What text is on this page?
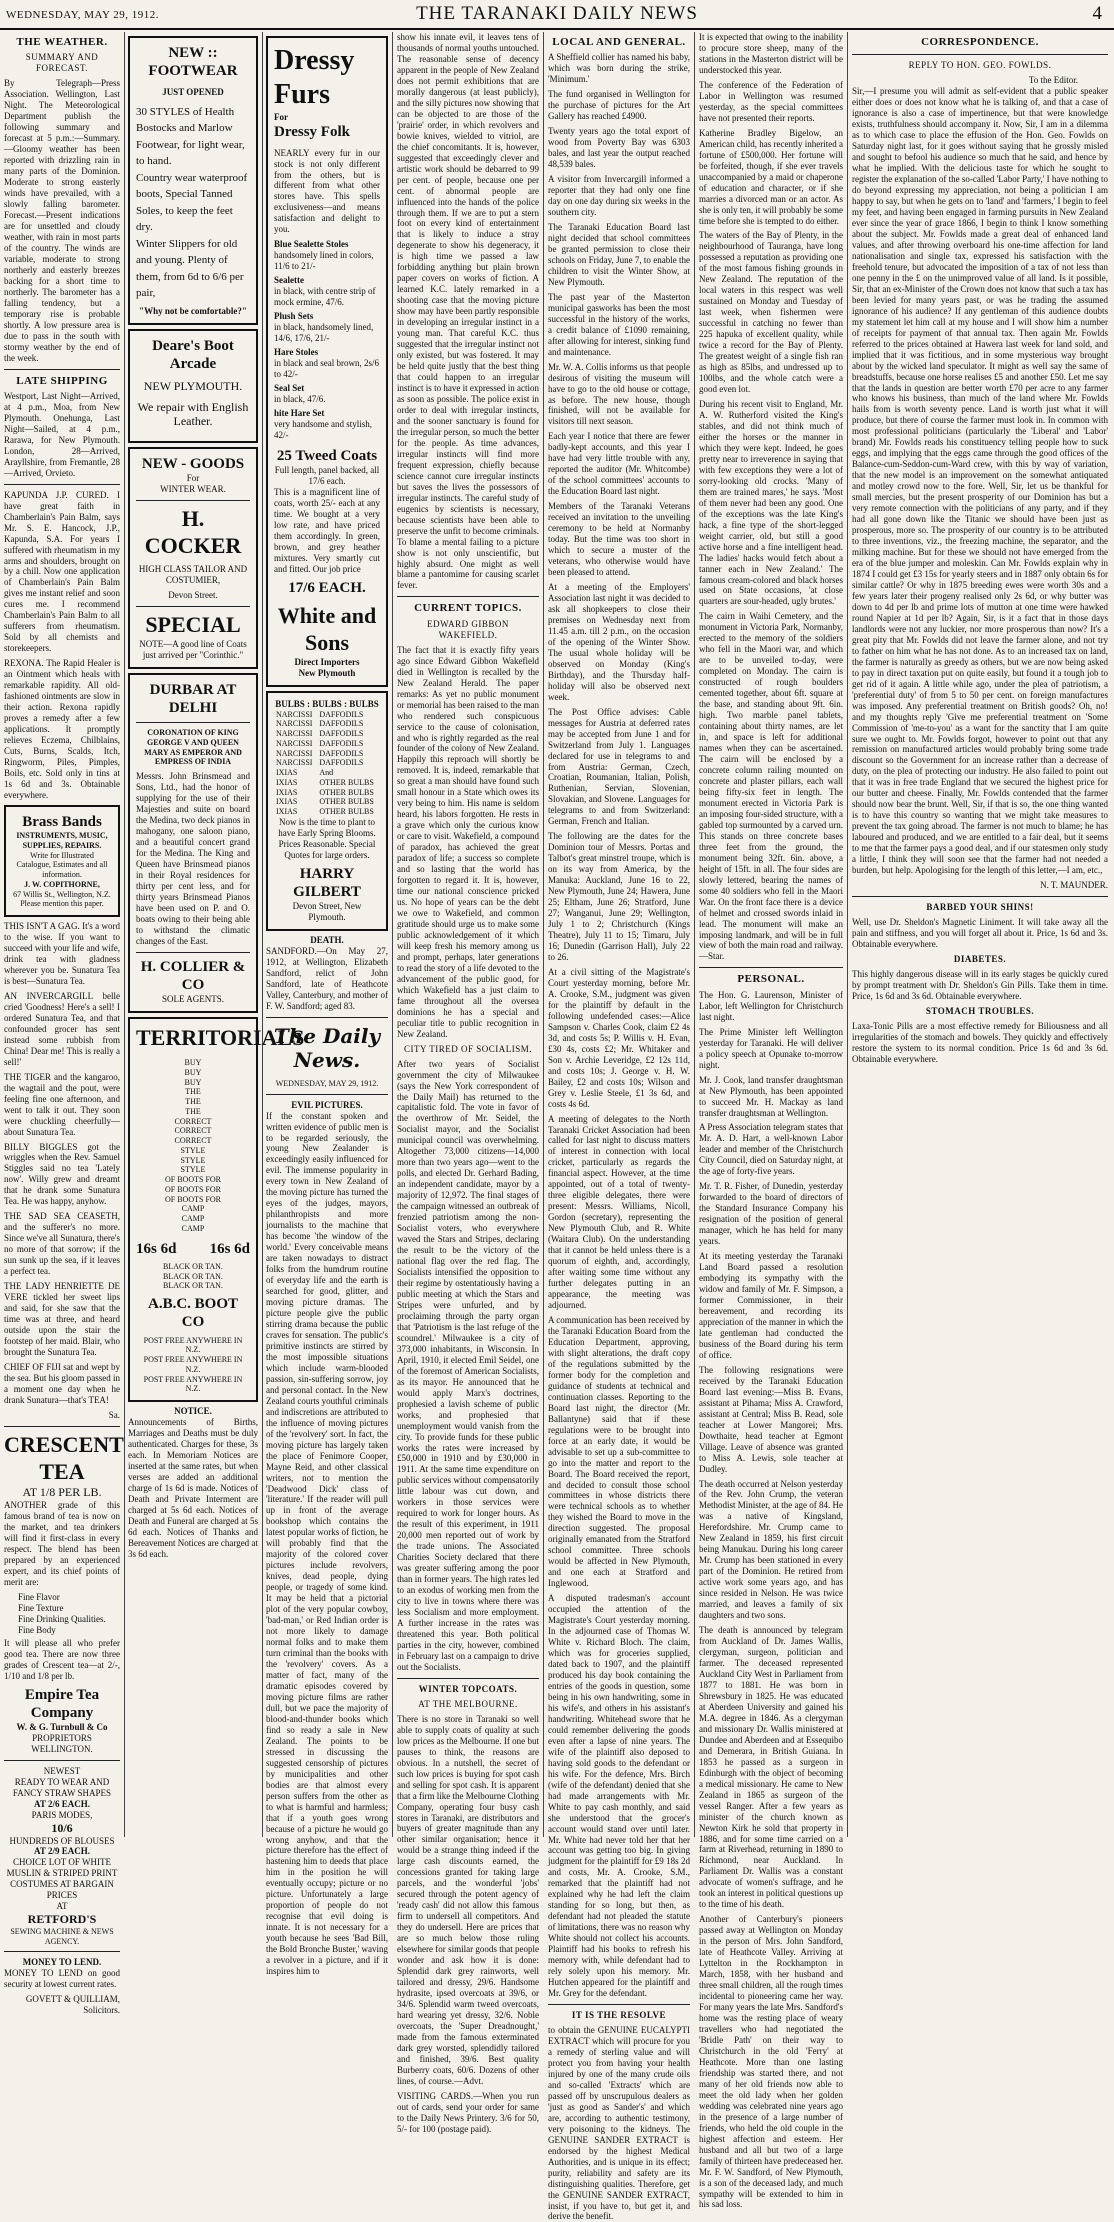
WEDNESDAY, MAY 29, 1912.	THE TARANAKI DAILY NEWS	4
THE WEATHER.
SUMMARY AND FORECAST.

By Telegraph—Press Association. Wellington, Last Night. The Meteorological Department publish the following summary and forecast at 5 p.m.:—Summary.—Gloomy weather has been reported with drizzling rain in many parts of the Dominion. Moderate to strong easterly winds have prevailed, with a slowly falling barometer. Forecast.—Present indications are for unsettled and cloudy weather, with rain in most parts of the country. The winds are variable, moderate to strong northerly and easterly breezes backing for a short time to northerly. The barometer has a falling tendency, but a temporary rise is probable shortly. A low pressure area is due to pass in the south with stormy weather by the end of the week.

LATE SHIPPING

Westport, Last Night—Arrived, at 4 p.m., Moa, from New Plymouth. Onehunga, Last Night—Sailed, at 4 p.m., Rarawa, for New Plymouth. London, 28—Arrived, Arayllshire, from Fremantle, 28—Arrived, Orvieto.

KAPUNDA J.P. CURED. I have great faith in Chamberlain's Pain Balm, says Mr. S. E. Hancock, J.P., Kapunda, S.A. For years I suffered with rheumatism in my arms and shoulders, brought on by a chill. Now one application of Chamberlain's Pain Balm gives me instant relief and soon cures me. I recommend Chamberlain's Pain Balm to all sufferers from rheumatism. Sold by all chemists and storekeepers.

REXONA. The Rapid Healer is an Ointment which heals with remarkable rapidity. All old-fashioned ointments are slow in their action. Rexona rapidly proves a remedy after a few applications. It promptly relieves Eczema, Chilblains, Cuts, Burns, Scalds, Itch, Ringworm, Piles, Pimples, Boils, etc. Sold only in tins at 1s 6d and 3s. Obtainable everywhere.

Brass Bands
INSTRUMENTS, MUSIC, SUPPLIES, REPAIRS.
Write for Illustrated Catalogue, Estimates and all information.
J. W. COPITHORNE,
67 Willis St., Wellington, N.Z.
Please mention this paper.

THIS ISN'T A GAG. It's a word to the wise. If you want to succeed with your life and wife, drink tea with gladness wherever you be. Sunatura Tea is best—Sunatura Tea.

AN INVERCARGILL belle cried 'Goodness! Here's a sell! I ordered Sunatura Tea, and that confounded grocer has sent instead some rubbish from China! Dear me! This is really a sell!'

THE TIGER and the kangaroo, the wagtail and the pout, were feeling fine one afternoon, and went to talk it out. They soon were chuckling cheerfully—about Sunatura Tea.

BILLY BIGGLES got the wriggles when the Rev. Samuel Stiggles said no tea 'Lately now'. Willy grew and dreamt that he drank some Sunatura Tea. He was happy, anyhow.

THE SAD SEA CEASETH, and the sufferer's no more. Since we've all Sunatura, there's no more of that sorrow; if the sun sunk up the sea, if it leaves a perfect tea.

THE LADY HENRIETTE DE VERE tickled her sweet lips and said, for she saw that the time was at three, and heard outside upon the stair the footstep of her maid. Blair, who brought the Sunatura Tea.

CHIEF OF FIJI sat and wept by the sea. But his gloom passed in a moment one day when he drank Sunatura—that's TEA!

Sa.
CRESCENT TEA
AT 1/8 PER LB.

ANOTHER grade of this famous brand of tea is now on the market, and tea drinkers will find it first-class in every respect. The blend has been prepared by an experienced expert, and its chief points of merit are:

Fine Flavor
Fine Texture
Fine Drinking Qualities.
Fine Body

It will please all who prefer good tea. There are now three grades of Crescent tea—at 2/-, 1/10 and 1/8 per lb.

Empire Tea Company
W. & G. Turnbull & Co
PROPRIETORS
WELLINGTON.
NEWEST
READY TO WEAR AND
FANCY STRAW SHAPES
AT 2/6 EACH.
PARIS MODES,
10/6
HUNDREDS OF BLOUSES
AT 2/9 EACH.
CHOICE LOT OF WHITE
MUSLIN & STRIPED PRINT
COSTUMES AT BARGAIN
PRICES
AT
RETFORD'S
SEWING MACHINE & NEWS AGENCY.
MONEY TO LEND.

MONEY TO LEND on good security at lowest current rates.

GOVETT & QUILLIAM, Solicitors.
NEW :: FOOTWEAR
JUST OPENED
30 STYLES of Health
Bostocks and Marlow
Footwear, for light wear,
to hand.
Country wear waterproof
boots, Special Tanned
Soles, to keep the feet
dry.
Winter Slippers for old
and young. Plenty of
them, from 6d to 6/6 per
pair,
"Why not be comfortable?"
Deare's Boot Arcade
NEW PLYMOUTH.
We repair with English Leather.
NEW - GOODS
For
WINTER WEAR.
H. COCKER
HIGH CLASS TAILOR AND COSTUMIER,
Devon Street.
SPECIAL
NOTE—A good line of Coats just arrived per "Corinthic."
DURBAR AT DELHI
CORONATION OF KING GEORGE V AND QUEEN MARY AS EMPEROR AND EMPRESS OF INDIA

Messrs. John Brinsmead and Sons, Ltd., had the honor of supplying for the use of their Majesties and suite on board the Medina, two deck pianos in mahogany, one saloon piano, and a beautiful concert grand for the Medina. The King and Queen have Brinsmead pianos in their Royal residences for thirty per cent less, and for thirty years Brinsmead Pianos have been used on P. and O. boats owing to their being able to withstand the climatic changes of the East.

H. COLLIER & CO
SOLE AGENTS.
TERRITORIALS
BUY
BUY
BUY
THE
THE
THE
CORRECT
CORRECT
CORRECT
STYLE
STYLE
STYLE
OF BOOTS FOR
OF BOOTS FOR
OF BOOTS FOR
CAMP
CAMP
CAMP
16s 6d 16s 6d
BLACK OR TAN.
BLACK OR TAN.
BLACK OR TAN.
A.B.C. BOOT CO
POST FREE ANYWHERE IN N.Z.
POST FREE ANYWHERE IN N.Z.
POST FREE ANYWHERE IN N.Z.
NOTICE.

Announcements of Births, Marriages and Deaths must be duly authenticated. Charges for these, 3s each. In Memoriam Notices are inserted at the same rates, but when verses are added an additional charge of 1s 6d is made. Notices of Death and Private Interment are charged at 5s 6d each. Notices of Death and Funeral are charged at 5s 6d each. Notices of Thanks and Bereavement Notices are charged at 3s 6d each.

Dressy
Furs
For
Dressy Folk

NEARLY every fur in our stock is not only different from the others, but is different from what other stores have. This spells exclusiveness—and means satisfaction and delight to you.

Blue Sealette Stoles
handsomely lined in colors, 11/6 to 21/-
Sealette
in black, with centre strip of mock ermine, 47/6.
Plush Sets
in black, handsomely lined, 14/6, 17/6, 21/-
Hare Stoles
in black and seal brown, 2s/6 to 42/-
Seal Set
in black, 47/6.
hite Hare Set
very handsome and stylish, 42/-
25 Tweed Coats
Full length, panel backed, all 17/6 each.

This is a magnificent line of coats, worth 25/- each at any time. We bought at a very low rate, and have priced them accordingly. In green, brown, and grey heather mixtures. Very smartly cut and fitted. Our job price

17/6 EACH.
White and Sons
Direct Importers
New Plymouth
BULBS : BULBS : BULBS
NARCISSI	DAFFODILS
NARCISSI	DAFFODILS
NARCISSI	DAFFODILS
NARCISSI	DAFFODILS
NARCISSI	DAFFODILS
NARCISSI	DAFFODILS
IXIAS	And
IXIAS	OTHER BULBS
IXIAS	OTHER BULBS
IXIAS	OTHER BULBS
IXIAS	OTHER BULBS

Now is the time to plant to have Early Spring Blooms. Prices Reasonable. Special Quotes for large orders.

HARRY GILBERT
Devon Street, New Plymouth.
DEATH.

SANDFORD.—On May 27, 1912, at Wellington, Elizabeth Sandford, relict of John Sandford, late of Heathcote Valley, Canterbury, and mother of F. W. Sandford; aged 83.

The Daily News.
WEDNESDAY, MAY 29, 1912.
EVIL PICTURES.

If the constant spoken and written evidence of public men is to be regarded seriously, the young New Zealander is exceedingly easily influenced for evil. The immense popularity in every town in New Zealand of the moving picture has turned the eyes of the judges, mayors, philanthropists and more journalists to the machine that has become 'the window of the world.' Every conceivable means are taken nowadays to distract folks from the humdrum routine of everyday life and the earth is searched for good, glitter, and moving picture dramas. The picture people give the public stirring drama because the public craves for sensation. The public's primitive instincts are stirred by the most impossible situations which include warm-blooded passion, sin-suffering sorrow, joy and personal contact. In the New Zealand courts youthful criminals and indiscretions are attributed to the influence of moving pictures of the 'revolvery' sort. In fact, the moving picture has largely taken the place of Fenimore Cooper, Mayne Reid, and other classical writers, not to mention the 'Deadwood Dick' class of 'literature.' If the reader will pull up in front of the average bookshop which contains the latest popular works of fiction, he will probably find that the majority of the colored cover pictures include revolvers, knives, dead people, dying people, or tragedy of some kind. It may be held that a pictorial plot of the very popular cowboy, 'bad-man,' or Red Indian order is not more likely to damage normal folks and to make them turn criminal than the books with the 'revolvery' covers. As a matter of fact, many of the dramatic episodes covered by moving picture films are rather dull, but we pace the majority of blood-and-thunder books which find so ready a sale in New Zealand. The points to be stressed in discussing the suggested censorship of pictures by municipalities and other bodies are that almost every person suffers from the other as to what is harmful and harmless; that if a youth goes wrong because of a picture he would go wrong anyhow, and that the picture therefore has the effect of hastening him to deeds that place him in the position he will eventually occupy; picture or no picture. Unfortunately a large proportion of people do not recognise that evil doing is innate. It is not necessary for a youth because he sees 'Bad Bill, the Bold Bronche Buster,' waving a revolver in a picture, and if it inspires him to

show his innate evil, it leaves tens of thousands of normal youths untouched. The reasonable sense of decency apparent in the people of New Zealand does not permit exhibitions that are morally dangerous (at least publicly), and the silly pictures now showing that can be objected to are those of the 'prairie' order, in which revolvers and bowie knives, wielded to vitriol, are the chief concomitants. It is, however, suggested that exceedingly clever and artistic work should be debarred to 99 per cent. of people, because one per cent. of abnormal people are influenced into the hands of the police through them. If we are to put a stern foot on every kind of entertainment that is likely to induce a stray degenerate to show his degeneracy, it is high time we passed a law forbidding anything but plain brown paper covers on works of fiction. A learned K.C. lately remarked in a shooting case that the moving picture show may have been partly responsible in developing an irregular instinct in a young man. That careful K.C. thus suggested that the irregular instinct not only existed, but was fostered. It may be held quite justly that the best thing that could happen to an irregular instinct is to have it expressed in action as soon as possible. The police exist in order to deal with irregular instincts, and the sooner sanctuary is found for the irregular person, so much the better for the people. As time advances, irregular instincts will find more frequent expression, chiefly because science cannot cure irregular instincts but saves the lives the possessors of irregular instincts. The careful study of eugenics by scientists is necessary, because scientists have been able to preserve the unfit to become criminals. To blame a mental failing to a picture show is not only unscientific, but highly absurd. One might as well blame a pantomime for causing scarlet fever.

CURRENT TOPICS.
EDWARD GIBBON WAKEFIELD.

The fact that it is exactly fifty years ago since Edward Gibbon Wakefield died in Wellington is recalled by the New Zealand Herald. The paper remarks: As yet no public monument or memorial has been raised to the man who rendered such conspicuous service to the cause of colonisation, and who is rightly regarded as the real founder of the colony of New Zealand. Happily this reproach will shortly be removed. It is, indeed, remarkable that so great a man should have found such small honour in a State which owes its very being to him. His name is seldom heard, his labors forgotten. He rests in a grave which only the curious know or care to visit. Wakefield, a compound of paradox, has achieved the great paradox of life; a success so complete and so lasting that the world has forgotten to regard it. It is, however, time our national conscience pricked us. No hope of years can be the debt we owe to Wakefield, and common gratitude should urge us to make some public acknowledgement of it which will keep fresh his memory among us and prompt, perhaps, later generations to read the story of a life devoted to the advancement of the public good, for which Wakefield has a just claim to fame throughout all the oversea dominions he has a special and peculiar title to public recognition in New Zealand.

CITY TIRED OF SOCIALISM.

After two years of Socialist government the city of Milwaukee (says the New York correspondent of the Daily Mail) has returned to the capitalistic fold. The vote in favor of the overthrow of Mr. Seidel, the Socialist mayor, and the Socialist municipal council was overwhelming. Altogether 73,000 citizens—14,000 more than two years ago—went to the polls, and elected Dr. Gerhard Bading, an independent candidate, mayor by a majority of 12,972. The final stages of the campaign witnessed an outbreak of frenzied patriotism among the non-Socialist voters, who everywhere waved the Stars and Stripes, declaring the result to be the victory of the national flag over the red flag. The Socialists intensified the opposition to their regime by ostentatiously having a public meeting at which the Stars and Stripes were unfurled, and by proclaiming through the party organ that 'Patriotism is the last refuge of the scoundrel.' Milwaukee is a city of 373,000 inhabitants, in Wisconsin. In April, 1910, it elected Emil Seidel, one of the foremost of American Socialists, as its mayor. He announced that he would apply Marx's doctrines, prophesied a lavish scheme of public works, and prophesied that unemployment would vanish from the city. To provide funds for these public works the rates were increased by £50,000 in 1910 and by £30,000 in 1911. At the same time expenditure on public services without compensatorily little labour was cut down, and workers in those services were required to work for longer hours. As the result of this experiment, in 1911 20,000 men reported out of work by the trade unions. The Associated Charities Society declared that there was greater suffering among the poor than in former years. The high rates led to an exodus of working men from the city to live in towns where there was less Socialism and more employment. A further increase in the rates was threatened this year. Both political parties in the city, however, combined in February last on a campaign to drive out the Socialists.

WINTER TOPCOATS.
AT THE MELBOURNE.

There is no store in Taranaki so well able to supply coats of quality at such low prices as the Melbourne. If one but pauses to think, the reasons are obvious. In a nutshell, the secret of such low prices is buying for spot cash and selling for spot cash. It is apparent that a firm like the Melbourne Clothing Company, operating four busy cash stores in Taranaki, are distributors and buyers of greater magnitude than any other similar organisation; hence it would be a strange thing indeed if the large cash discounts earned, the concessions granted for taking large parcels, and the wonderful 'jobs' secured through the potent agency of 'ready cash' did not allow this famous firm to undersell all competitors. And they do undersell. Here are prices that are so much below those ruling elsewhere for similar goods that people wonder and ask how it is done: Splendid dark grey rainworts, well tailored and dressy, 29/6. Handsome hydrasite, ipsed overcoats at 39/6, or 34/6. Splendid warm tweed overcoats, hard wearing yet dressy, 32/6. Noble overcoats, the 'Super Dreadnought,' made from the famous exterminated dark grey worsted, splendidly tailored and finished, 39/6. Best quality Burberry coats, 60/6. Dozens of other lines, of course.—Advt.

VISITING CARDS.—When you run out of cards, send your order for same to the Daily News Printery. 3/6 for 50, 5/- for 100 (postage paid).

LOCAL AND GENERAL.

A Sheffield collier has named his baby, which was born during the strike, 'Minimum.'

The fund organised in Wellington for the purchase of pictures for the Art Gallery has reached £4900.

Twenty years ago the total export of wood from Poverty Bay was 6303 bales, and last year the output reached 48,539 bales.

A visitor from Invercargill informed a reporter that they had only one fine day on one day during six weeks in the southern city.

The Taranaki Education Board last night decided that school committees be granted permission to close their schools on Friday, June 7, to enable the children to visit the Winter Show, at New Plymouth.

The past year of the Masterton municipal gasworks has been the most successful in the history of the works, a credit balance of £1090 remaining, after allowing for interest, sinking fund and maintenance.

Mr. W. A. Collis informs us that people desirous of visiting the museum will have to go to the old house or cottage, as before. The new house, though finished, will not be available for visitors till next season.

Each year I notice that there are fewer badly-kept accounts, and this year I have had very little trouble with any, reported the auditor (Mr. Whitcombe) of the school committees' accounts to the Education Board last night.

Members of the Taranaki Veterans received an invitation to the unveiling ceremony to be held at Normanby today. But the time was too short in which to secure a muster of the veterans, who otherwise would have been pleased to attend.

At a meeting of the Employers' Association last night it was decided to ask all shopkeepers to close their premises on Wednesday next from 11.45 a.m. till 2 p.m., on the occasion of the opening of the Winter Show. The usual whole holiday will be observed on Monday (King's Birthday), and the Thursday half-holiday will also be observed next week.

The Post Office advises: Cable messages for Austria at deferred rates may be accepted from June 1 and for Switzerland from July 1. Languages declared for use in telegrams to and from Austria: German, Czech, Croatian, Roumanian, Italian, Polish, Ruthenian, Servian, Slovenian, Slovakian, and Slovene. Languages for telegrams to and from Switzerland: German, French and Italian.

The following are the dates for the Dominion tour of Messrs. Portas and Talbot's great minstrel troupe, which is on its way from America, by the Manuka: Auckland, June 16 to 22, New Plymouth, June 24; Hawera, June 25; Eltham, June 26; Stratford, June 27; Wanganui, June 29; Wellington, July 1 to 2; Christchurch (Kings Theatre), July 11 to 15; Timaru, July 16; Dunedin (Garrison Hall), July 22 to 26.

At a civil sitting of the Magistrate's Court yesterday morning, before Mr. A. Crooke, S.M., judgment was given for the plaintiff by default in the following undefended cases:—Alice Sampson v. Charles Cook, claim £2 4s 3d, and costs 5s; P. Willis v. H. Evan, £30 4s, costs £2; Mr. Whitaker and Son v. Archie Leveridge, £2 12s 11d, and costs 10s; J. George v. H. W. Bailey, £2 and costs 10s; Wilson and Grey v. Leslie Steele, £1 3s 6d, and costs 4s 6d.

A meeting of delegates to the North Taranaki Cricket Association had been called for last night to discuss matters of interest in connection with local cricket, particularly as regards the financial aspect. However, at the time appointed, out of a total of twenty-three eligible delegates, there were present: Messrs. Williams, Nicoll, Gordon (secretary), representing the New Plymouth Club, and R. White (Waitara Club). On the understanding that it cannot be held unless there is a quorum of eighth, and, accordingly, after waiting some time without any further delegates putting in an appearance, the meeting was adjourned.

A communication has been received by the Taranaki Education Board from the Education Department, approving, with slight alterations, the draft copy of the regulations submitted by the former body for the completion and guidance of students at technical and continuation classes. Reporting to the Board last night, the director (Mr. Ballantyne) said that if these regulations were to be brought into force at an early date, it would be advisable to set up a sub-committee to go into the matter and report to the Board. The Board received the report, and decided to consult those school committees in whose districts there were technical schools as to whether they wished the Board to move in the direction suggested. The proposal originally emanated from the Stratford school committee. Three schools would be affected in New Plymouth, and one each at Stratford and Inglewood.

A disputed tradesman's account occupied the attention of the Magistrate's Court yesterday morning. In the adjourned case of Thomas W. White v. Richard Bloch. The claim, which was for groceries supplied, dated back to 1907, and the plaintiff produced his day book containing the entries of the goods in question, some being in his own handwriting, some in his wife's, and others in his assistant's handwriting. Whitehead swore that he could remember delivering the goods even after a lapse of nine years. The wife of the plaintiff also deposed to having sold goods to the defendant or his wife. For the defence, Mrs. Birch (wife of the defendant) denied that she had made arrangements with Mr. White to pay cash monthly, and said she understood that the grocer's account would stand over until later. Mr. White had never told her that her account was getting too big. In giving judgment for the plaintiff for £9 18s 2d and costs, Mr. A. Crooke, S.M., remarked that the plaintiff had not explained why he had left the claim standing for so long, but then, as defendant had not pleaded the statute of limitations, there was no reason why White should not collect his accounts. Plaintiff had his books to refresh his memory with, while defendant had to rely solely upon his memory. Mr. Hutchen appeared for the plaintiff and Mr. Grey for the defendant.

IT IS THE RESOLVE

to obtain the GENUINE EUCALYPTI EXTRACT which will procure for you a remedy of sterling value and will protect you from having your health injured by one of the many crude oils and so-called 'Extracts' which are passed off by unscrupulous dealers as 'just as good as Sander's' and which are, according to authentic testimony, very poisoning to the kidneys. The GENUINE SANDER EXTRACT is endorsed by the highest Medical Authorities, and is unique in its effect; purity, reliability and safety are its distinguishing qualities. Therefore, get the GENUINE SANDER EXTRACT, insist, if you have to, but get it, and derive the benefit.

It is expected that owing to the inability to procure store sheep, many of the stations in the Masterton district will be understocked this year.

The conference of the Federation of Labor in Wellington was resumed yesterday, as the special committees have not presented their reports.

Katherine Bradley Bigelow, an American child, has recently inherited a fortune of £500,000. Her fortune will be forfeited, though, if she ever travels unaccompanied by a maid or chaperone of education and character, or if she marries a divorced man or an actor. As she is only ten, it will probably be some time before she is tempted to do either.

The waters of the Bay of Plenty, in the neighbourhood of Tauranga, have long possessed a reputation as providing one of the most famous fishing grounds in New Zealand. The reputation of the local waters in this respect was well sustained on Monday and Tuesday of last week, when fishermen were successful in catching no fewer than 225 hapuka of excellent quality, while twice a record for the Bay of Plenty. The greatest weight of a single fish ran as high as 85lbs, and undressed up to 100lbs, and the whole catch were a good even lot.

During his recent visit to England, Mr. A. W. Rutherford visited the King's stables, and did not think much of either the horses or the manner in which they were kept. Indeed, he goes pretty near to irreverence in saying that with few exceptions they were a lot of sorry-looking old crocks. 'Many of them are trained mares,' he says. 'Most of them never had been any good. One of the exceptions was the late King's hack, a fine type of the short-legged weight carrier, old, but still a good active horse and a fine intelligent head. The ladies' hacks would fetch about a tanner each in New Zealand.' The famous cream-colored and black horses used on State occasions, 'at close quarters are sour-headed, ugly brutes.'

The cairn in Waihi Cemetery, and the monument in Victoria Park, Normanby, erected to the memory of the soldiers who fell in the Maori war, and which are to be unveiled to-day, were completed on Monday. The cairn is constructed of rough boulders cemented together, about 6ft. square at the base, and standing about 9ft. 6in. high. Two marble panel tablets, containing about thirty names, are let in, and space is left for additional names when they can be ascertained. The cairn will be enclosed by a concrete column railing mounted on concrete and plaster pillars, each wall being fifty-six feet in length. The monument erected in Victoria Park is an imposing four-sided structure, with a gabled top surmounted by a carved urn. This stands on three concrete bases three feet from the ground, the monument being 32ft. 6in. above, a height of 15ft. in all. The four sides are slowly lettered, bearing the names of some 40 soldiers who fell in the Maori War. On the front face there is a device of helmet and crossed swords inlaid in lead. The monument will make an imposing landmark, and will be in full view of both the main road and railway.—Star.

PERSONAL.

The Hon. G. Laurenson, Minister of Labor, left Wellington for Christchurch last night.

The Prime Minister left Wellington yesterday for Taranaki. He will deliver a policy speech at Opunake to-morrow night.

Mr. J. Cook, land transfer draughtsman at New Plymouth, has been appointed to succeed Mr. H. Mackay as land transfer draughtsman at Wellington.

A Press Association telegram states that Mr. A. D. Hart, a well-known Labor leader and member of the Christchurch City Council, died on Saturday night, at the age of forty-five years.

Mr. T. R. Fisher, of Dunedin, yesterday forwarded to the board of directors of the Standard Insurance Company his resignation of the position of general manager, which he has held for many years.

At its meeting yesterday the Taranaki Land Board passed a resolution embodying its sympathy with the widow and family of Mr. F. Simpson, a former Commissioner, in their bereavement, and recording its appreciation of the manner in which the late gentleman had conducted the business of the Board during his term of office.

The following resignations were received by the Taranaki Education Board last evening:—Miss B. Evans, assistant at Pihama; Miss A. Crawford, assistant at Central; Miss B. Read, sole teacher at Lower Mangorei; Mrs. Dowthaite, head teacher at Egmont Village. Leave of absence was granted to Miss A. Lewis, sole teacher at Dudley.

The death occurred at Nelson yesterday of the Rev. John Crump, the veteran Methodist Minister, at the age of 84. He was a native of Kingsland, Herefordshire. Mr. Crump came to New Zealand in 1859, his first circuit being Manukau. During his long career Mr. Crump has been stationed in every part of the Dominion. He retired from active work some years ago, and has since resided in Nelson. He was twice married, and leaves a family of six daughters and two sons.

The death is announced by telegram from Auckland of Dr. James Wallis, clergyman, surgeon, politician and farmer. The deceased represented Auckland City West in Parliament from 1877 to 1881. He was born in Shrewsbury in 1825. He was educated at Aberdeen University and gained his M.A. degree in 1846. As a clergyman and missionary Dr. Wallis ministered at Dundee and Aberdeen and at Essequibo and Demerara, in British Guiana. In 1853 he passed as a surgeon in Edinburgh with the object of becoming a medical missionary. He came to New Zealand in 1865 as surgeon of the vessel Ranger. After a few years as minister of the church known as Newton Kirk he sold that property in 1886, and for some time carried on a farm at Riverhead, returning in 1890 to Richmond, near Auckland. In Parliament Dr. Wallis was a constant advocate of women's suffrage, and he took an interest in political questions up to the time of his death.

Another of Canterbury's pioneers passed away at Wellington on Monday in the person of Mrs. John Sandford, late of Heathcote Valley. Arriving at Lyttelton in the Rockhampton in March, 1858, with her husband and three small children, all the rough times incidental to pioneering came her way. For many years the late Mrs. Sandford's home was the resting place of weary travellers who had negotiated the 'Bridle Path' on their way to Christchurch in the old 'Ferry' at Heathcote. More than one lasting friendship was started there, and not many of her old friends now able to meet the old lady when her golden wedding was celebrated nine years ago in the presence of a large number of friends, who held the old couple in the highest affection and esteem. Her husband and all but two of a large family of thirteen have predeceased her. Mr. F. W. Sandford, of New Plymouth, is a son of the deceased lady, and much sympathy will be extended to him in his sad loss.

CORRESPONDENCE.
REPLY TO HON. GEO. FOWLDS.
To the Editor.

Sir,—I presume you will admit as self-evident that a public speaker either does or does not know what he is talking of, and that a case of ignorance is also a case of impertinence, but that were knowledge exists, truthfulness should accompany it. Now, Sir, I am in a dilemma as to which case to place the effusion of the Hon. Geo. Fowlds on Saturday night last, for it goes without saying that he grossly misled and sought to befool his audience so much that he said, and hence by what he implied. With the delicious taste for which he sought to register the explanation of the so-called 'Labor Party,' I have nothing to do beyond expressing my appreciation, not being a politician I am happy to say, but when he gets on to 'land' and 'farmers,' I begin to feel my feet, and having been engaged in farming pursuits in New Zealand ever since the year of grace 1866, I begin to think I know something about the subject. Mr. Fowlds made a great deal of enhanced land values, and after throwing overboard his one-time affection for land nationalisation and single tax, expressed his satisfaction with the freehold tenure, but advocated the imposition of a tax of not less than one penny in the £ on the unimproved value of all land. Is it possible, Sir, that an ex-Minister of the Crown does not know that such a tax has been levied for many years past, or was he trading the assumed ignorance of his audience? If any gentleman of this audience doubts my statement let him call at my house and I will show him a number of receipts for payment of that annual tax. Then again Mr. Fowlds referred to the prices obtained at Hawera last week for land sold, and implied that it was fictitious, and in some mysterious way brought about by the wicked land speculator. It might as well say the same of breadstuffs, because one horse realises £5 and another £50. Let me say that the lands in question are better worth £70 per acre to any farmer who knows his business, than much of the land where Mr. Fowlds hails from is worth seventy pence. Land is worth just what it will produce, but there of course the farmer must look in. In common with most professional politicians (particularly the 'Liberal' and 'Labor' brand) Mr. Fowlds reads his constituency telling people how to suck eggs, and implying that the eggs came through the good offices of the Balance-cum-Seddon-cum-Ward crew, with this by way of variation, that the new model is an improvement on the somewhat antiquated and motley crowd now to the fore. Well, Sir, let us be thankful for small mercies, but the present prosperity of our Dominion has but a very remote connection with the politicians of any party, and if they had all gone down like the Titanic we should have been just as prosperous, more so. The prosperity of our country is to be attributed to three inventions, viz., the freezing machine, the separator, and the milking machine. But for these we should not have emerged from the era of the blue jumper and moleskin. Can Mr. Fowlds explain why in 1874 I could get £3 15s for yearly steers and in 1887 only obtain 6s for similar cattle? Or why in 1875 breeding ewes were worth 30s and a few years later their progeny realised only 2s 6d, or why butter was down to 4d per lb and prime lots of mutton at one time were hawked round Napier at 1d per lb? Again, Sir, is it a fact that in those days landlords were not any luckier, nor more prosperous than now? It's a great pity that Mr. Fowlds did not leave the farmer alone, and not try to father on him what he has not done. As to an increased tax on land, the farmer is naturally as greedy as others, but we are now being asked to pay in direct taxation put on quite easily, but found it a tough job to get rid of it again. A little while ago, under the plea of patriotism, a 'preferential duty' of from 5 to 50 per cent. on foreign manufactures was imposed. Any preferential treatment on British goods? Oh, no! and my thoughts reply 'Give me preferential treatment on 'Some Commission of 'me-to-you' as a want for the sanctity that I am quite sure we ought to. Mr. Fowlds forgot, however to point out that any remission on manufactured articles would probably bring some trade discount so the Government for an increase rather than a decrease of duty, on the plea of protecting our industry. He also failed to point out that it was in free trade England that we secured the highest price for our butter and cheese. Finally, Mr. Fowlds contended that the farmer should now bear the brunt. Well, Sir, if that is so, the one thing wanted is to have this country so wanting that we might take measures to prevent the tax going abroad. The farmer is not much to blame; he has laboured and produced, and we are entitled to a fair deal, but it seems to me that the farmer pays a good deal, and if our statesmen only study a little, I think they will soon see that the farmer had not needed a burden, but help. Apologising for the length of this letter,—I am, etc.,

N. T. MAUNDER.
BARBED YOUR SHINS!

Well, use Dr. Sheldon's Magnetic Liniment. It will take away all the pain and stiffness, and you will forget all about it. Price, 1s 6d and 3s. Obtainable everywhere.

DIABETES.

This highly dangerous disease will in its early stages be quickly cured by prompt treatment with Dr. Sheldon's Gin Pills. Take them in time. Price, 1s 6d and 3s 6d. Obtainable everywhere.

STOMACH TROUBLES.

Laxa-Tonic Pills are a most effective remedy for Biliousness and all irregularities of the stomach and bowels. They quickly and effectively restore the system to its normal condition. Price 1s 6d and 3s 6d. Obtainable everywhere.
